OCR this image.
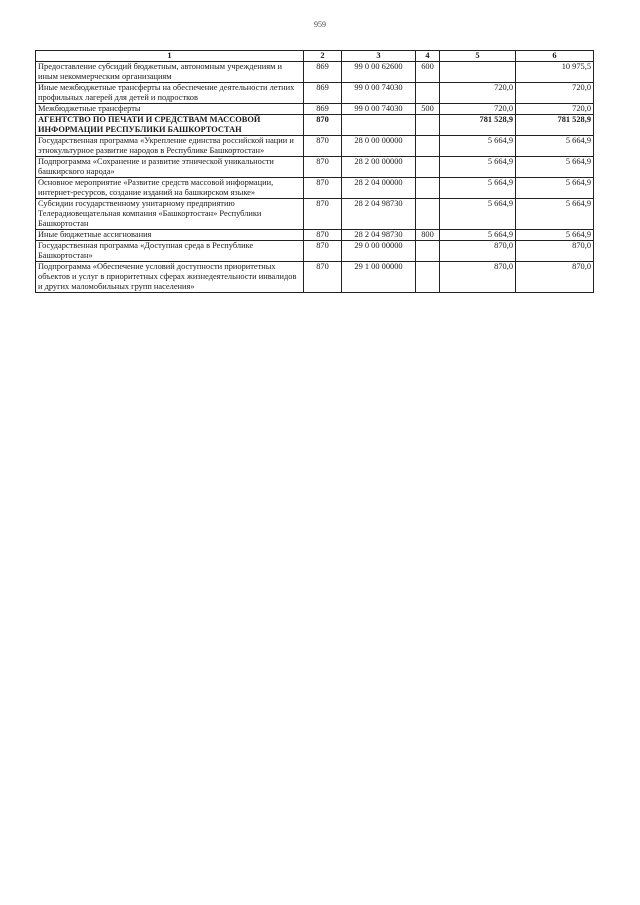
959
1	2	3	4	5	6
Предоставление субсидий бюджетным, автономным учреждениям и иным некоммерческим организациям	869	99 0 00 62600	600		10 975,5
Иные межбюджетные трансферты на обеспечение деятельности летних профильных лагерей для детей и подростков	869	99 0 00 74030		720,0	720,0
Межбюджетные трансферты	869	99 0 00 74030	500	720,0	720,0
АГЕНТСТВО ПО ПЕЧАТИ И СРЕДСТВАМ МАССОВОЙ ИНФОРМАЦИИ РЕСПУБЛИКИ БАШКОРТОСТАН	870			781 528,9	781 528,9
Государственная программа «Укрепление единства российской нации и этнокультурное развитие народов в Республике Башкортостан»	870	28 0 00 00000		5 664,9	5 664,9
Подпрограмма «Сохранение и развитие этнической уникальности башкирского народа»	870	28 2 00 00000		5 664,9	5 664,9
Основное мероприятие «Развитие средств массовой информации, интернет-ресурсов, создание изданий на башкирском языке»	870	28 2 04 00000		5 664,9	5 664,9
Субсидии государственному унитарному предприятию Телерадиовещательная компания «Башкортостан» Республики Башкортостан	870	28 2 04 98730		5 664,9	5 664,9
Иные бюджетные ассигнования	870	28 2 04 98730	800	5 664,9	5 664,9
Государственная программа «Доступная среда в Республике Башкортостан»	870	29 0 00 00000		870,0	870,0
Подпрограмма «Обеспечение условий доступности приоритетных объектов и услуг в приоритетных сферах жизнедеятельности инвалидов и других маломобильных групп населения»	870	29 1 00 00000		870,0	870,0
